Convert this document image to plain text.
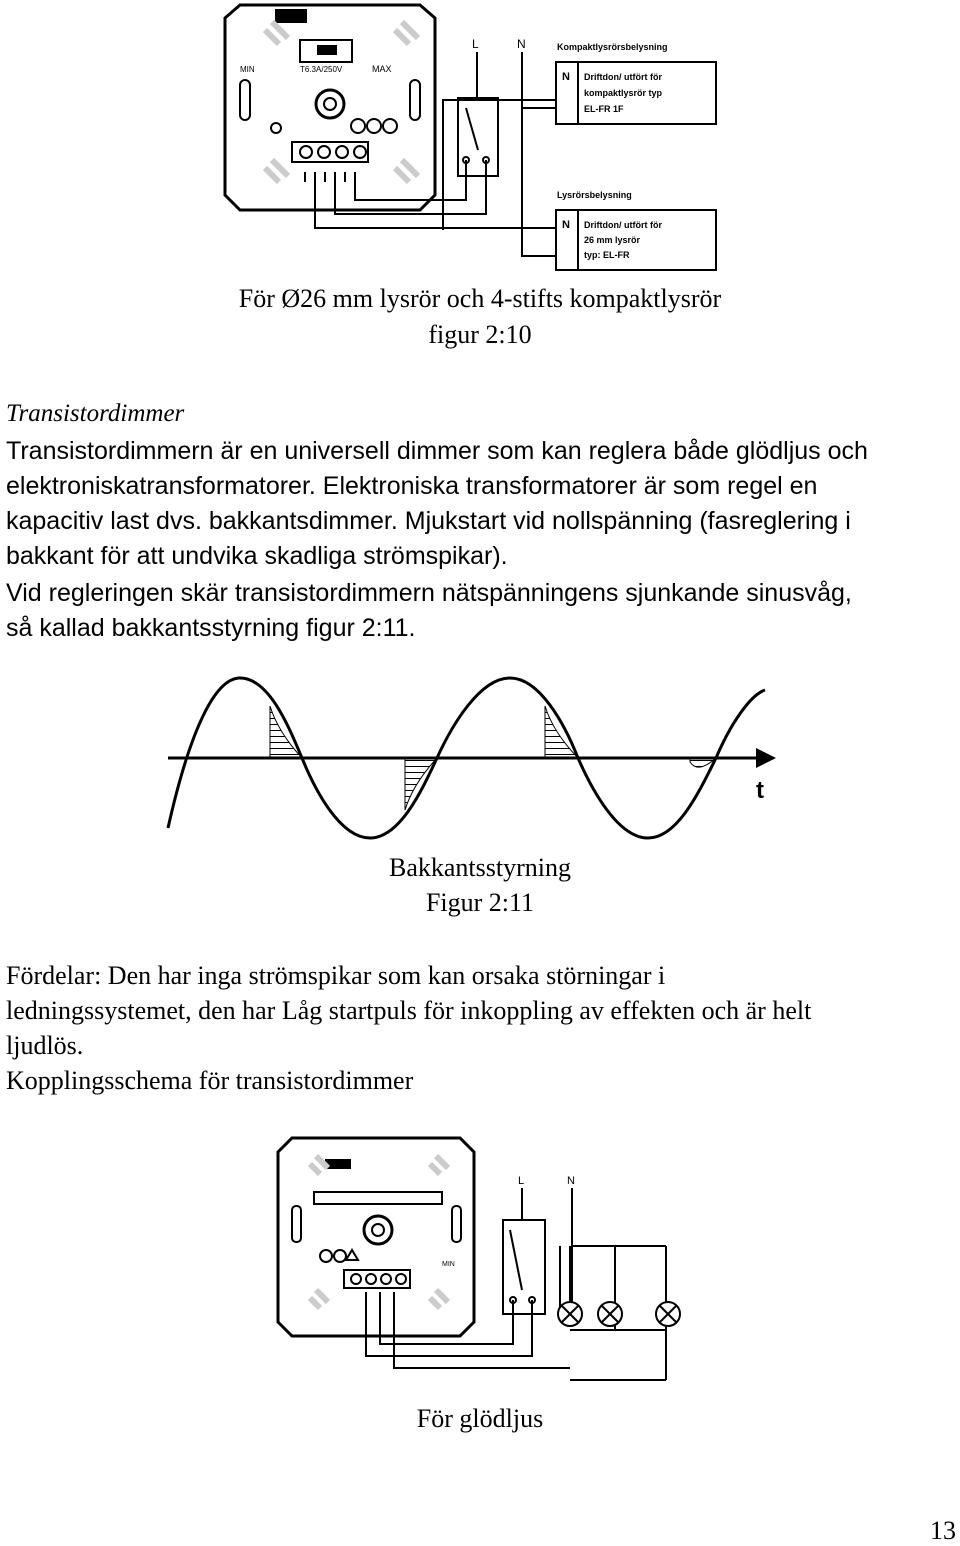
T6.3A/250V	MAX
MIN
L	N	Kompaktlysrörsbelysning
N Driftdon/ utfört för
kompaktlysrör typ
EL-FR 1F
Lysrörsbelysning
N Driftdon/ utfört för
26 mm lysrör
typ: EL-FR
För Ø26 mm lysrör och 4-stifts kompaktlysrör
figur 2:10
Transistordimmer
Transistordimmern är en universell dimmer som kan reglera både glödljus och
elektroniskatransformatorer. Elektroniska transformatorer är som regel en
kapacitiv last dvs. bakkantsdimmer. Mjukstart vid nollspänning (fasreglering i
bakkant för att undvika skadliga strömspikar).
Vid regleringen skär transistordimmern nätspänningens sjunkande sinusvåg,
så kallad bakkantsstyrning figur 2:11.
t
Bakkantsstyrning
Figur 2:11
Fördelar: Den har inga strömspikar som kan orsaka störningar i
ledningssystemet, den har Låg startpuls för inkoppling av effekten och är helt
ljudlös.
Kopplingsschema för transistordimmer
MIN
L	N
För glödljus
13
